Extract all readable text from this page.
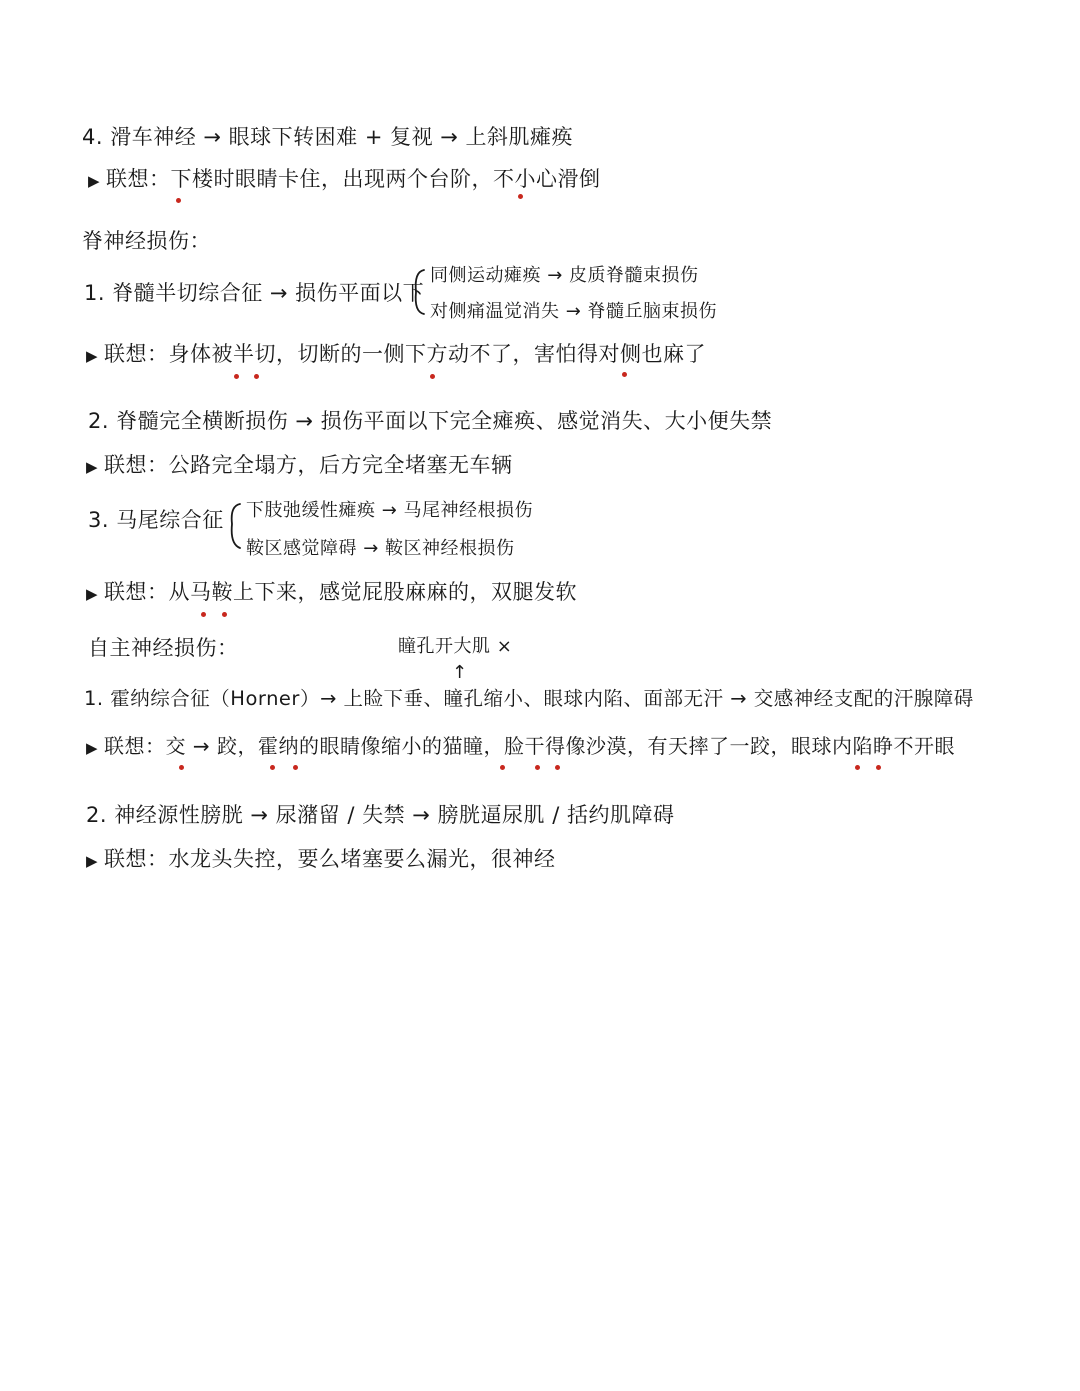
4. 滑车神经 → 眼球下转困难 + 复视 → 上斜肌瘫痪
▶ 联想：下楼时眼睛卡住，出现两个台阶，不小心滑倒
脊神经损伤：
1. 脊髓半切综合征 → 损伤平面以下
同侧运动瘫痪 → 皮质脊髓束损伤
对侧痛温觉消失 → 脊髓丘脑束损伤
▶ 联想：身体被半切，切断的一侧下方动不了，害怕得对侧也麻了
2. 脊髓完全横断损伤 → 损伤平面以下完全瘫痪、感觉消失、大小便失禁
▶ 联想：公路完全塌方，后方完全堵塞无车辆
3. 马尾综合征 下肢弛缓性瘫痪 → 马尾神经根损伤
鞍区感觉障碍 → 鞍区神经根损伤
▶ 联想：从马鞍上下来，感觉屁股麻麻的，双腿发软
自主神经损伤：	瞳孔开大肌 ×
↑
1. 霍纳综合征（Horner）→ 上睑下垂、瞳孔缩小、眼球内陷、面部无汗 → 交感神经支配的汗腺障碍
▶ 联想：交 → 跤，霍纳的眼睛像缩小的猫瞳，脸干得像沙漠，有天摔了一跤，眼球内陷睁不开眼
2. 神经源性膀胱 → 尿潴留 / 失禁 → 膀胱逼尿肌 / 括约肌障碍
▶ 联想：水龙头失控，要么堵塞要么漏光，很神经
